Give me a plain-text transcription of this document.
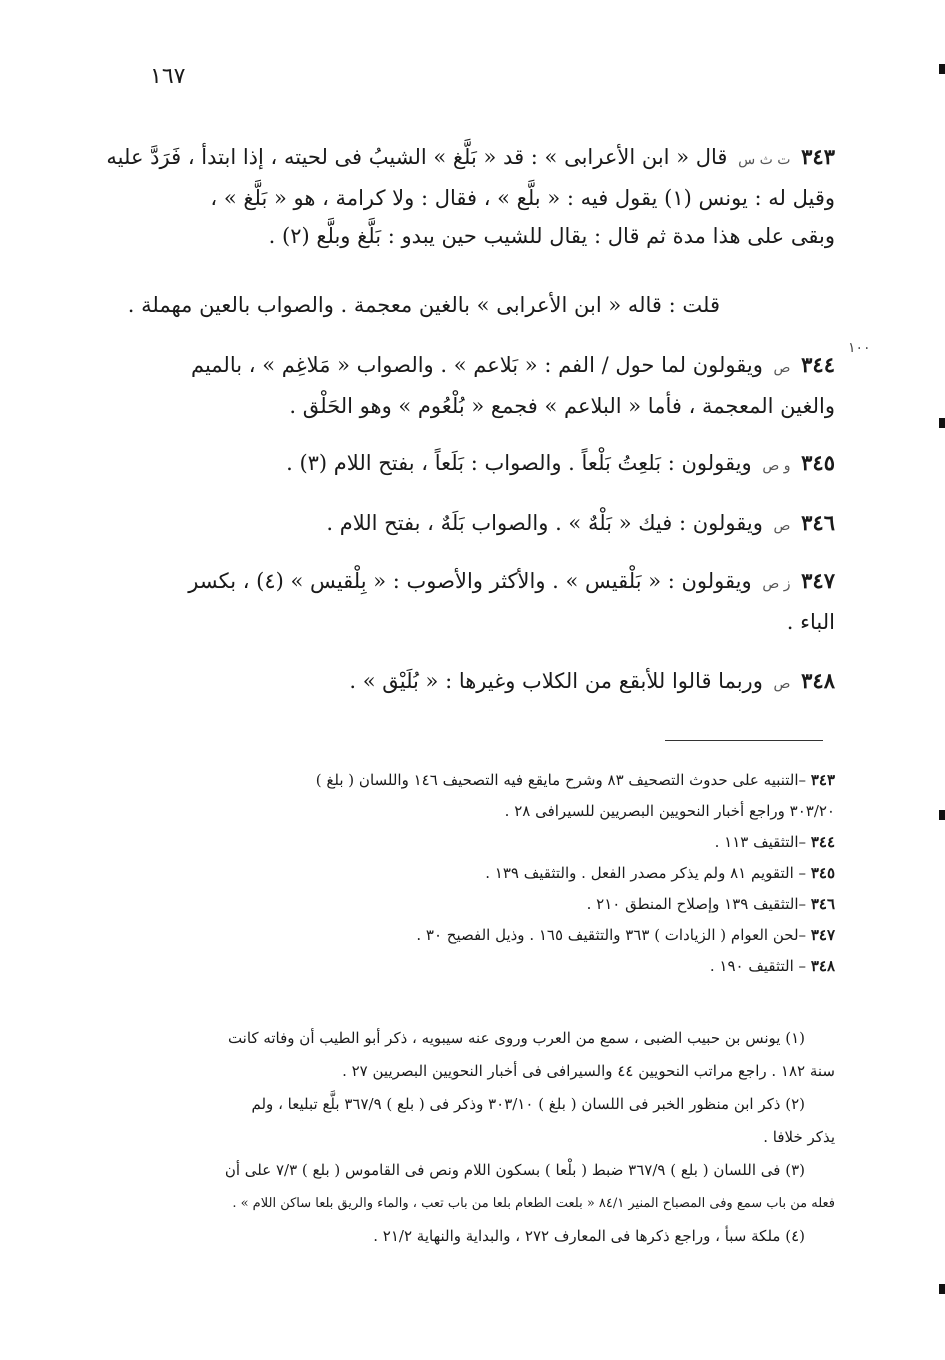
١٦٧
١٠٠
٣٤٣ ت ث س قال « ابن الأعرابى » : قد « بَلَّغ » الشيبُ فى لحيته ، إذا ابتدأ ، فَرَدَّ عليه
وقيل له : يونس (١) يقول فيه : « بلَّع » ، فقال : ولا كرامة ، هو « بَلَّغ » ،
وبقى على هذا مدة ثم قال : يقال للشيب حين يبدو : بَلَّغ وبلَّع (٢) .
قلت : قاله « ابن الأعرابى » بالغين معجمة . والصواب بالعين مهملة .
٣٤٤ ص ويقولون لما حول / الفم : « بَلاعم » . والصواب « مَلاغِم » ، بالميم
والغين المعجمة ، فأما « البلاعم » فجمع « بُلْعُوم » وهو الحَلْق .
٣٤٥ و ص ويقولون : بَلعِتُ بَلْعاً . والصواب : بَلَعاً ، بفتح اللام (٣) .
٣٤٦ ص ويقولون : فيك « بَلْهٌ » . والصواب بَلَهٌ ، بفتح اللام .
٣٤٧ ز ص ويقولون : « بَلْقيس » . والأكثر والأصوب : « بِلْقيس » (٤) ، بكسر
الباء .
٣٤٨ ص وربما قالوا للأبقع من الكلاب وغيرها : « بُلَيْق » .
٣٤٣ –التنبيه على حدوث التصحيف ٨٣ وشرح مايقع فيه التصحيف ١٤٦ واللسان ( بلغ )
٣٠٣/٢٠ وراجع أخبار النحويين البصريين للسيرافى ٢٨ .
٣٤٤ –التثقيف ١١٣ .
٣٤٥ – التقويم ٨١ ولم يذكر مصدر الفعل . والتثقيف ١٣٩ .
٣٤٦ –التثقيف ١٣٩ وإصلاح المنطق ٢١٠ .
٣٤٧ –لحن العوام ( الزيادات ) ٣٦٣ والتثقيف ١٦٥ . وذيل الفصيح ٣٠ .
٣٤٨ – التثقيف ١٩٠ .
(١) يونس بن حبيب الضبى ، سمع من العرب وروى عنه سيبويه ، ذكر أبو الطيب أن وفاته كانت
سنة ١٨٢ . راجع مراتب النحويين ٤٤ والسيرافى فى أخبار النحويين البصريين ٢٧ .
(٢) ذكر ابن منظور الخبر فى اللسان ( بلغ ) ٣٠٣/١٠ وذكر فى ( بلع ) ٣٦٧/٩ بلَّع تبليعا ، ولم
يذكر خلافا .
(٣) فى اللسان ( بلع ) ٣٦٧/٩ ضبط ( بلْعا ) بسكون اللام ونص فى القاموس ( بلع ) ٧/٣ على أن
فعله من باب سمع وفى المصباح المنير ٨٤/١ « بلعت الطعام بلعا من باب تعب ، والماء والريق بلعا ساكن اللام » .
(٤) ملكة سبأ ، وراجع ذكرها فى المعارف ٢٧٢ ، والبداية والنهاية ٢١/٢ .
